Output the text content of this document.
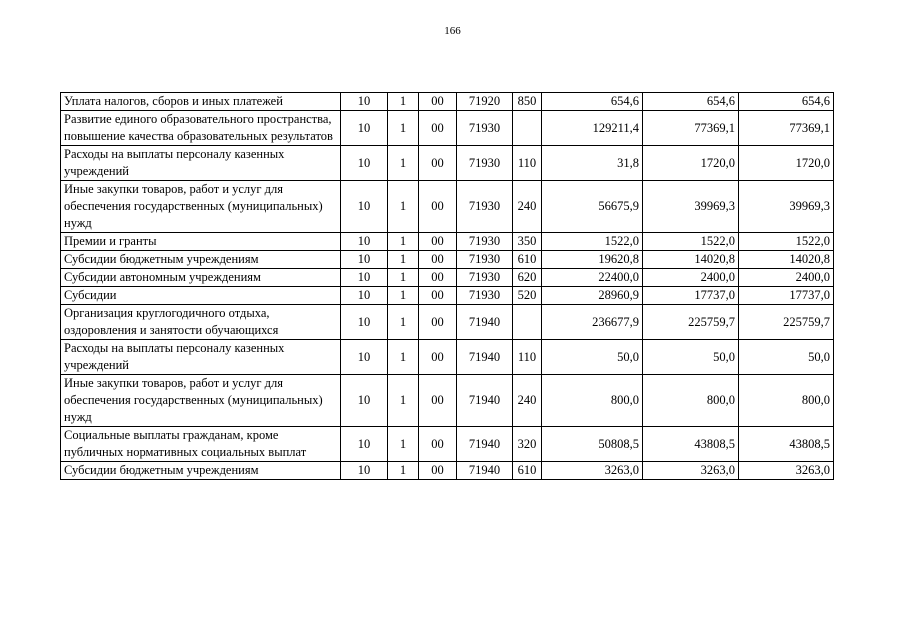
166
Уплата налогов, сборов и иных платежей	10	1	00	71920	850	654,6	654,6	654,6
Развитие единого образовательного пространства, повышение качества образовательных результатов	10	1	00	71930		129211,4	77369,1	77369,1
Расходы на выплаты персоналу казенных учреждений	10	1	00	71930	110	31,8	1720,0	1720,0
Иные закупки товаров, работ и услуг для обеспечения государственных (муниципальных) нужд	10	1	00	71930	240	56675,9	39969,3	39969,3
Премии и гранты	10	1	00	71930	350	1522,0	1522,0	1522,0
Субсидии бюджетным учреждениям	10	1	00	71930	610	19620,8	14020,8	14020,8
Субсидии автономным учреждениям	10	1	00	71930	620	22400,0	2400,0	2400,0
Субсидии	10	1	00	71930	520	28960,9	17737,0	17737,0
Организация круглогодичного отдыха, оздоровления и занятости обучающихся	10	1	00	71940		236677,9	225759,7	225759,7
Расходы на выплаты персоналу казенных учреждений	10	1	00	71940	110	50,0	50,0	50,0
Иные закупки товаров, работ и услуг для обеспечения государственных (муниципальных) нужд	10	1	00	71940	240	800,0	800,0	800,0
Социальные выплаты гражданам, кроме публичных нормативных социальных выплат	10	1	00	71940	320	50808,5	43808,5	43808,5
Субсидии бюджетным учреждениям	10	1	00	71940	610	3263,0	3263,0	3263,0
